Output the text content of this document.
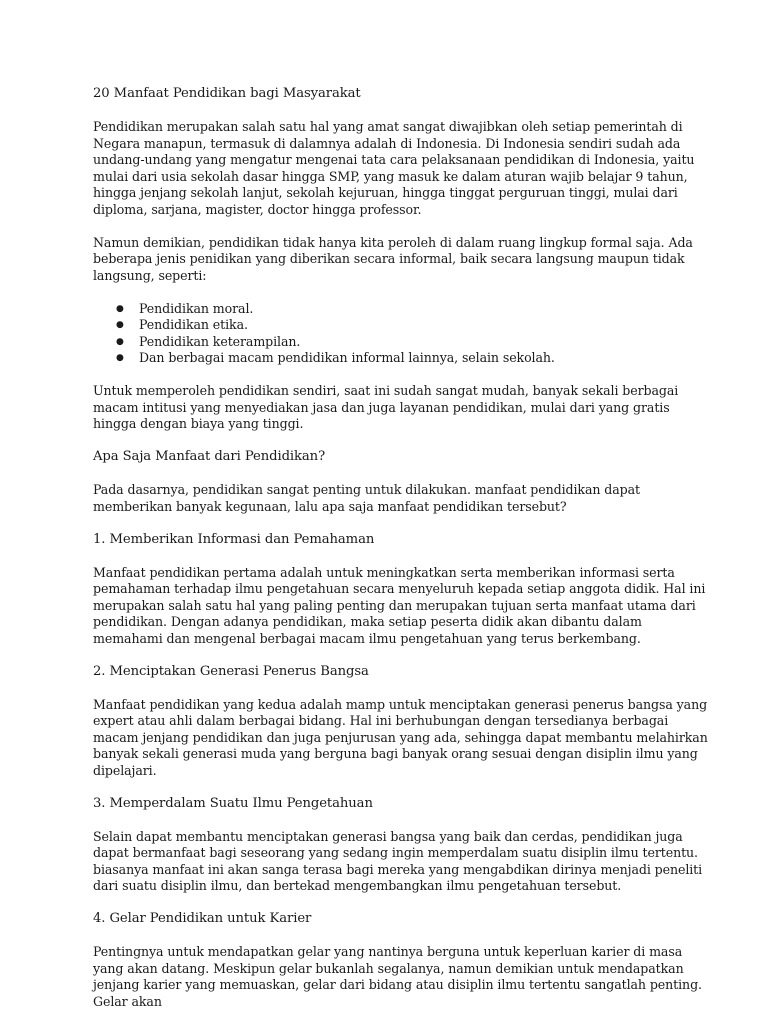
20 Manfaat Pendidikan bagi Masyarakat

Pendidikan merupakan salah satu hal yang amat sangat diwajibkan oleh setiap pemerintah di Negara manapun, termasuk di dalamnya adalah di Indonesia. Di Indonesia sendiri sudah ada undang-undang yang mengatur mengenai tata cara pelaksanaan pendidikan di Indonesia, yaitu mulai dari usia sekolah dasar hingga SMP, yang masuk ke dalam aturan wajib belajar 9 tahun, hingga jenjang sekolah lanjut, sekolah kejuruan, hingga tinggat perguruan tinggi, mulai dari diploma, sarjana, magister, doctor hingga professor.

Namun demikian, pendidikan tidak hanya kita peroleh di dalam ruang lingkup formal saja. Ada beberapa jenis penidikan yang diberikan secara informal, baik secara langsung maupun tidak langsung, seperti:

● Pendidikan moral.
● Pendidikan etika.
● Pendidikan keterampilan.
● Dan berbagai macam pendidikan informal lainnya, selain sekolah.

Untuk memperoleh pendidikan sendiri, saat ini sudah sangat mudah, banyak sekali berbagai macam intitusi yang menyediakan jasa dan juga layanan pendidikan, mulai dari yang gratis hingga dengan biaya yang tinggi.

Apa Saja Manfaat dari Pendidikan?

Pada dasarnya, pendidikan sangat penting untuk dilakukan. manfaat pendidikan dapat memberikan banyak kegunaan, lalu apa saja manfaat pendidikan tersebut?

1. Memberikan Informasi dan Pemahaman

Manfaat pendidikan pertama adalah untuk meningkatkan serta memberikan informasi serta pemahaman terhadap ilmu pengetahuan secara menyeluruh kepada setiap anggota didik. Hal ini merupakan salah satu hal yang paling penting dan merupakan tujuan serta manfaat utama dari pendidikan. Dengan adanya pendidikan, maka setiap peserta didik akan dibantu dalam memahami dan mengenal berbagai macam ilmu pengetahuan yang terus berkembang.

2. Menciptakan Generasi Penerus Bangsa

Manfaat pendidikan yang kedua adalah mamp untuk menciptakan generasi penerus bangsa yang expert atau ahli dalam berbagai bidang. Hal ini berhubungan dengan tersedianya berbagai macam jenjang pendidikan dan juga penjurusan yang ada, sehingga dapat membantu melahirkan banyak sekali generasi muda yang berguna bagi banyak orang sesuai dengan disiplin ilmu yang dipelajari.

3. Memperdalam Suatu Ilmu Pengetahuan

Selain dapat membantu menciptakan generasi bangsa yang baik dan cerdas, pendidikan juga dapat bermanfaat bagi seseorang yang sedang ingin memperdalam suatu disiplin ilmu tertentu. biasanya manfaat ini akan sanga terasa bagi mereka yang mengabdikan dirinya menjadi peneliti dari suatu disiplin ilmu, dan bertekad mengembangkan ilmu pengetahuan tersebut.

4. Gelar Pendidikan untuk Karier

Pentingnya untuk mendapatkan gelar yang nantinya berguna untuk keperluan karier di masa yang akan datang. Meskipun gelar bukanlah segalanya, namun demikian untuk mendapatkan jenjang karier yang memuaskan, gelar dari bidang atau disiplin ilmu tertentu sangatlah penting. Gelar akan
